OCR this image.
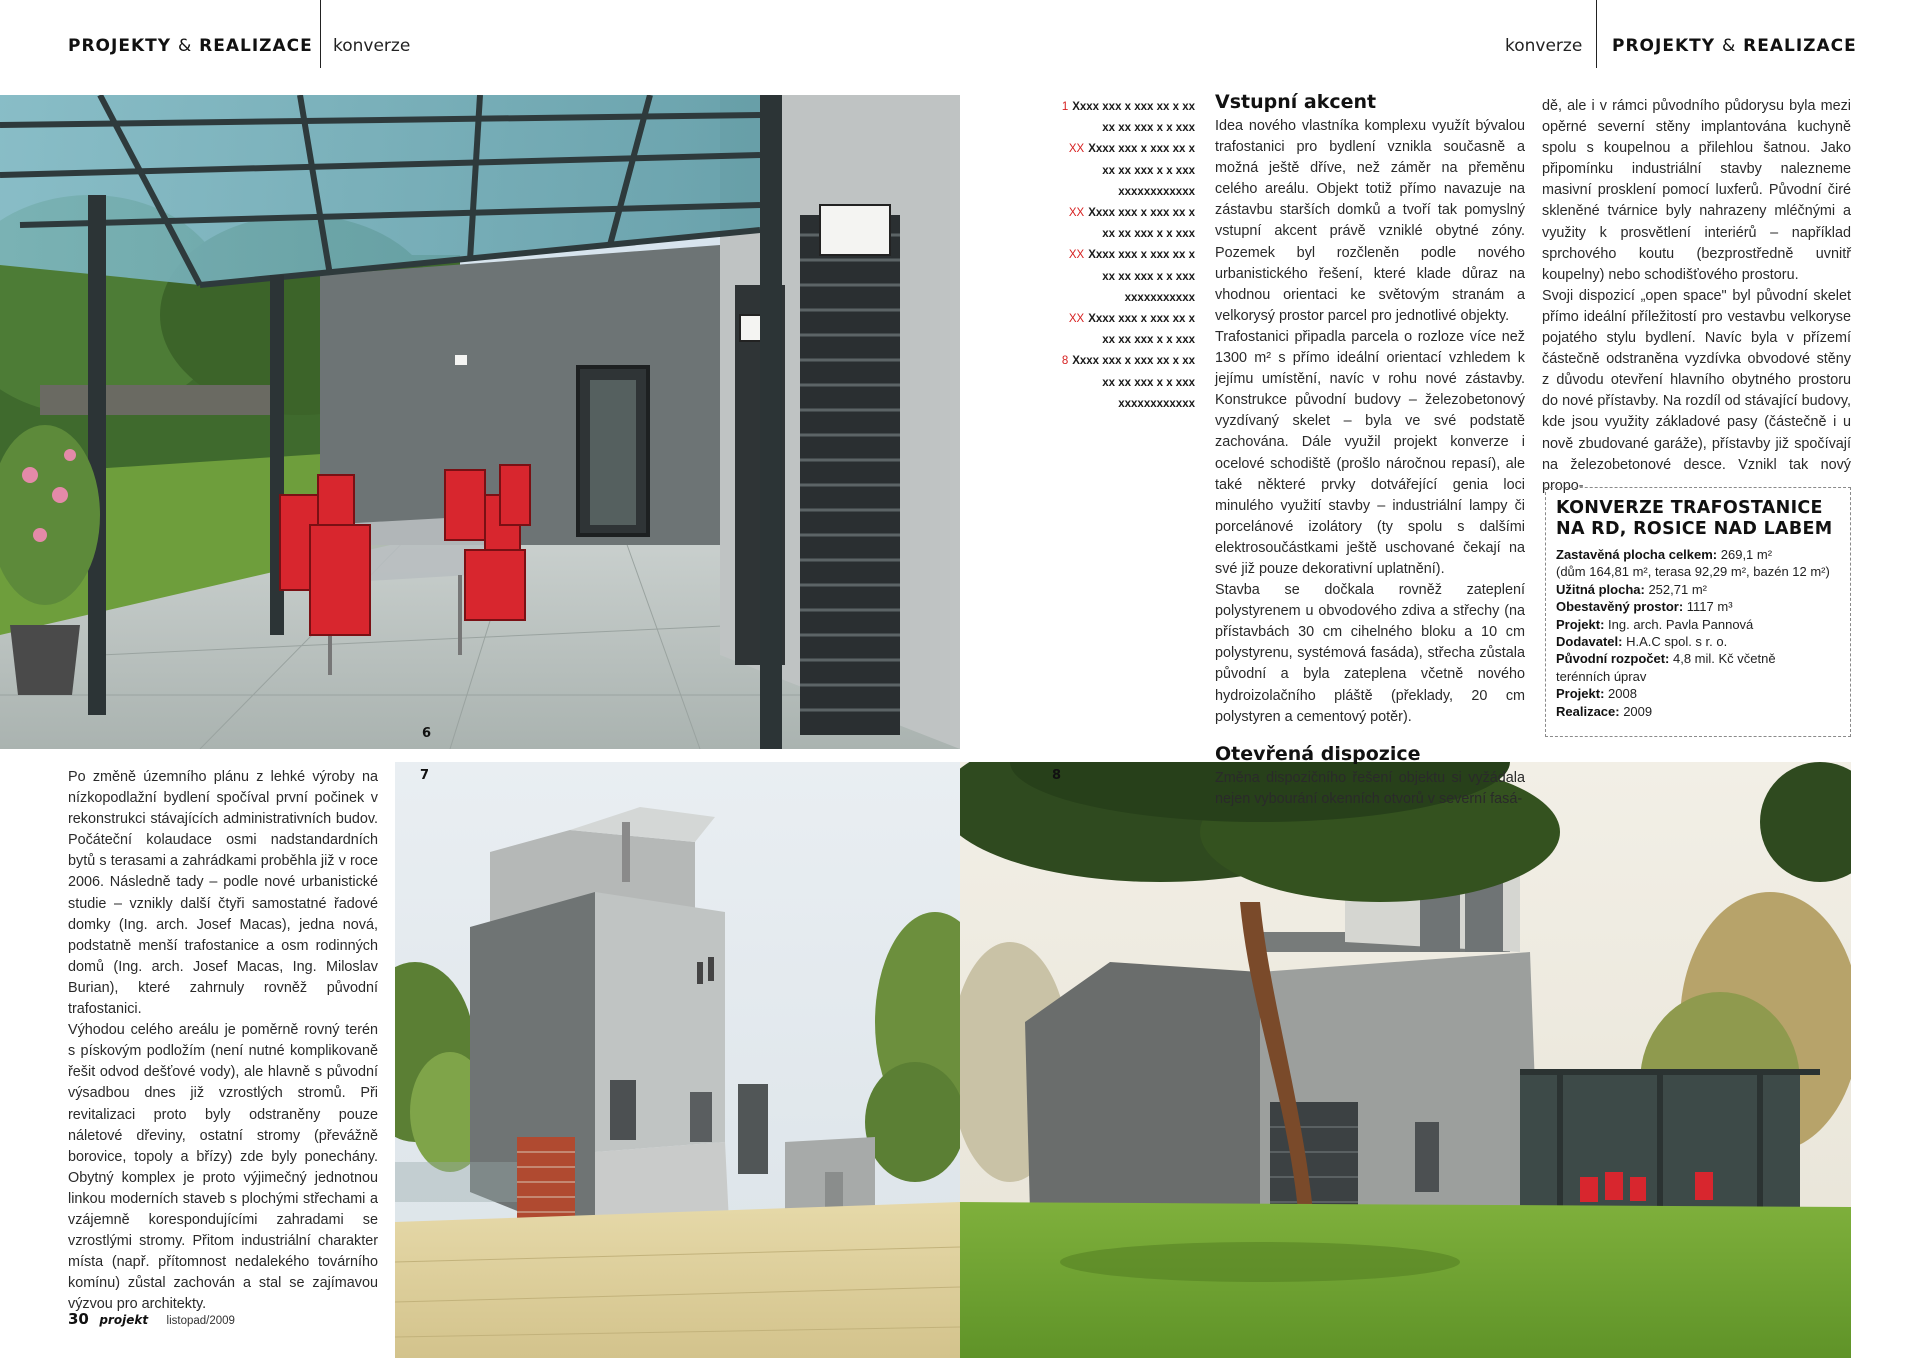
PROJEKTY & REALIZACE konverze	konverze PROJEKTY & REALIZACE
6
7	8
1 Xxxx xxx x xxx xx x xx
xx xx xxx x x xxx
XX Xxxx xxx x xxx xx x
xx xx xxx x x xxx
xxxxxxxxxxxx
XX Xxxx xxx x xxx xx x
xx xx xxx x x xxx
XX Xxxx xxx x xxx xx x
xx xx xxx x x xxx
xxxxxxxxxxx
XX Xxxx xxx x xxx xx x
xx xx xxx x x xxx
8 Xxxx xxx x xxx xx x xx
xx xx xxx x x xxx
xxxxxxxxxxxx
Vstupní akcent

Idea nového vlastníka komplexu využít bývalou trafostanici pro bydlení vznikla současně a možná ještě dříve, než záměr na přeměnu celého areálu. Objekt totiž přímo navazuje na zástavbu starších domků a tvoří tak pomyslný vstupní akcent právě vzniklé obytné zóny. Pozemek byl rozčleněn podle nového urbanistického řešení, které klade důraz na vhodnou orientaci ke světovým stranám a velkorysý prostor parcel pro jednotlivé objekty.

Trafostanici připadla parcela o rozloze více než 1300 m² s přímo ideální orientací vzhledem k jejímu umístění, navíc v rohu nové zástavby. Konstrukce původní budovy – železobetonový vyzdívaný skelet – byla ve své podstatě zachována. Dále využil projekt konverze i ocelové schodiště (prošlo náročnou repasí), ale také některé prvky dotvářející genia loci minulého využití stavby – industriální lampy či porcelánové izolátory (ty spolu s dalšími elektrosoučástkami ještě uschované čekají na své již pouze dekorativní uplatnění).

Stavba se dočkala rovněž zateplení polystyrenem u obvodového zdiva a střechy (na přístavbách 30 cm cihelného bloku a 10 cm polystyrenu, systémová fasáda), střecha zůstala původní a byla zateplena včetně nového hydroizolačního pláště (překlady, 20 cm polystyren a cementový potěr).

Otevřená dispozice

Změna dispozičního řešení objektu si vyžádala nejen vybourání okenních otvorů v severní fasá-

dě, ale i v rámci původního půdorysu byla mezi opěrné severní stěny implantována kuchyně spolu s koupelnou a přilehlou šatnou. Jako připomínku industriální stavby nalezneme masivní prosklení pomocí luxferů. Původní čiré skleněné tvárnice byly nahrazeny mléčnými a využity k prosvětlení interiérů – například sprchového koutu (bezprostředně uvnitř koupelny) nebo schodišťového prostoru.

Svoji dispozicí „open space" byl původní skelet přímo ideální příležitostí pro vestavbu velkoryse pojatého stylu bydlení. Navíc byla v přízemí částečně odstraněna vyzdívka obvodové stěny z důvodu otevření hlavního obytného prostoru do nové přístavby. Na rozdíl od stávající budovy, kde jsou využity základové pasy (částečně i u nově zbudované garáže), přístavby již spočívají na železobetonové desce. Vznikl tak nový propo-

KONVERZE TRAFOSTANICE NA RD, ROSICE NAD LABEM
Zastavěná plocha celkem: 269,1 m²
(dům 164,81 m², terasa 92,29 m², bazén 12 m²)
Užitná plocha: 252,71 m²
Obestavěný prostor: 1117 m³
Projekt: Ing. arch. Pavla Pannová
Dodavatel: H.A.C spol. s r. o.
Původní rozpočet: 4,8 mil. Kč včetně
terénních úprav
Projekt: 2008
Realizace: 2009

Po změně územního plánu z lehké výroby na nízkopodlažní bydlení spočíval první počinek v rekonstrukci stávajících administrativních budov. Počáteční kolaudace osmi nadstandardních bytů s terasami a zahrádkami proběhla již v roce 2006. Následně tady – podle nové urbanistické studie – vznikly další čtyři samostatné řadové domky (Ing. arch. Josef Macas), jedna nová, podstatně menší trafostanice a osm rodinných domů (Ing. arch. Josef Macas, Ing. Miloslav Burian), které zahrnuly rovněž původní trafostanici.

Výhodou celého areálu je poměrně rovný terén s pískovým podložím (není nutné komplikovaně řešit odvod dešťové vody), ale hlavně s původní výsadbou dnes již vzrostlých stromů. Při revitalizaci proto byly odstraněny pouze náletové dřeviny, ostatní stromy (převážně borovice, topoly a břízy) zde byly ponechány. Obytný komplex je proto výjimečný jednotnou linkou moderních staveb s plochými střechami a vzájemně korespondujícími zahradami se vzrostlými stromy. Přitom industriální charakter místa (např. přítomnost nedalekého továrního komínu) zůstal zachován a stal se zajímavou výzvou pro architekty.

30 projekt listopad/2009
